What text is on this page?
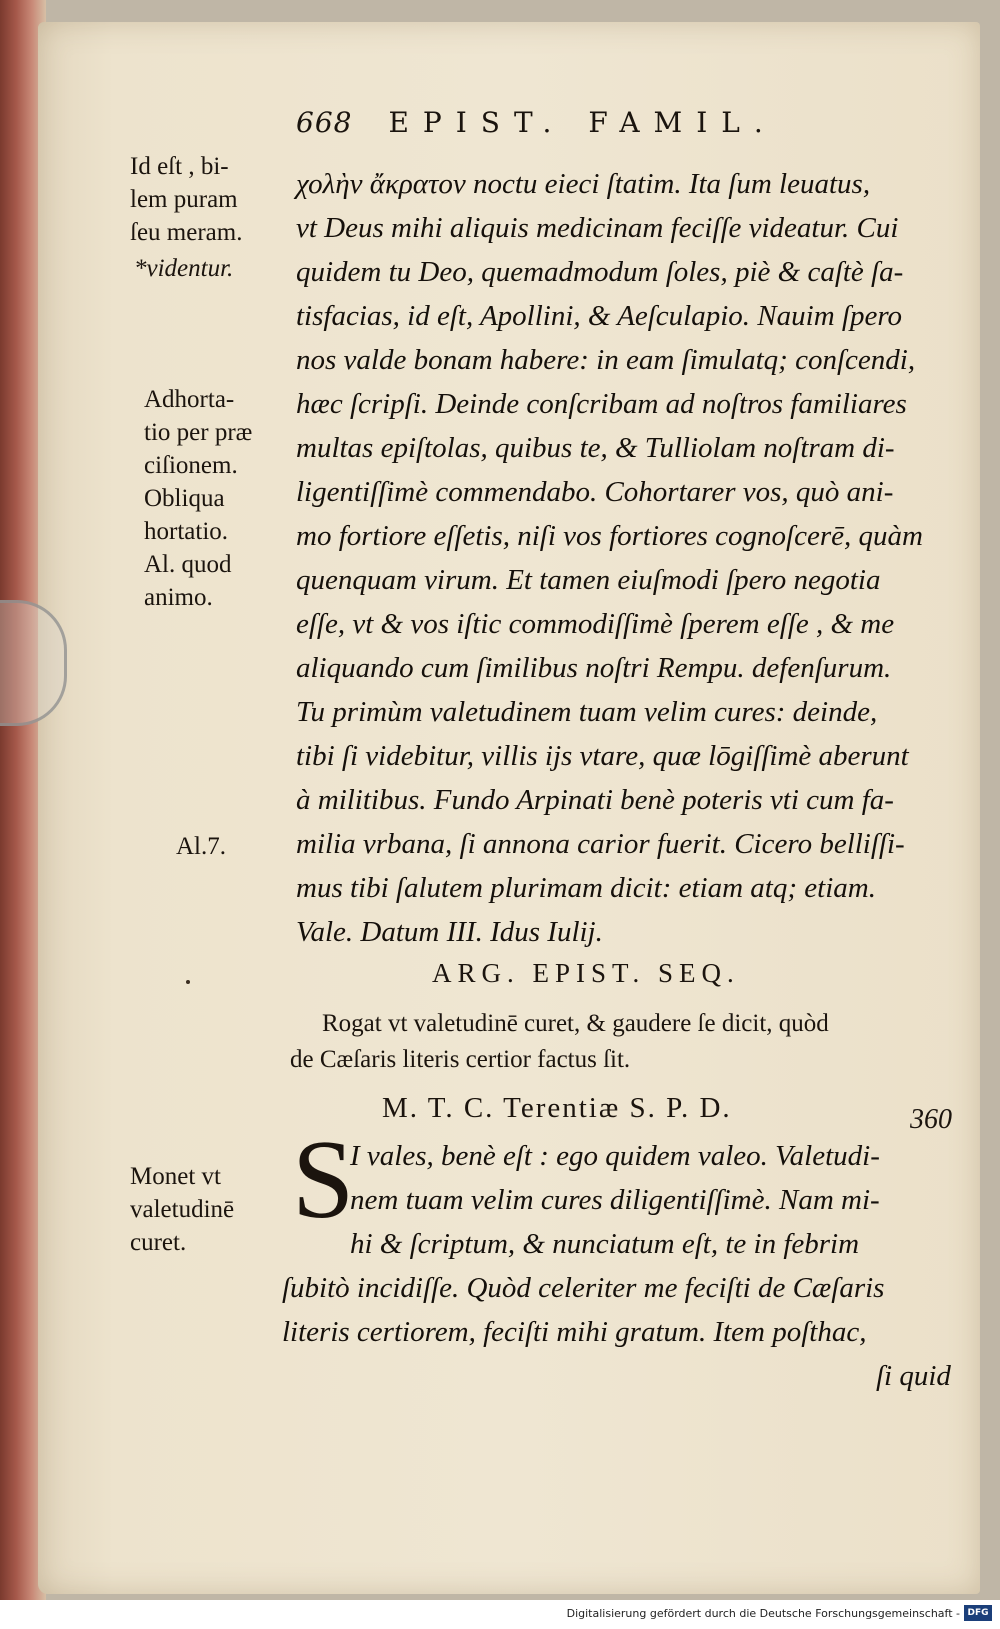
668 EPIST. FAMIL.
Id eſt , bi-
lem puram
ſeu meram.
*videntur.
Adhorta-
tio per præ
ciſionem.
Obliqua
hortatio.
Al. quod
animo.
Al.7.
Monet vt
valetudinē
curet.
χολὴν ἄκρατον noctu eieci ſtatim. Ita ſum leuatus,
vt Deus mihi aliquis medicinam feciſſe videatur. Cui
quidem tu Deo, quemadmodum ſoles, piè & caſtè ſa-
tisfacias, id eſt, Apollini, & Aeſculapio. Nauim ſpero
nos valde bonam habere: in eam ſimulatq; conſcendi,
hæc ſcripſi. Deinde conſcribam ad noſtros familiares
multas epiſtolas, quibus te, & Tulliolam noſtram di-
ligentiſſimè commendabo. Cohortarer vos, quò ani-
mo fortiore eſſetis, niſi vos fortiores cognoſcerē, quàm
quenquam virum. Et tamen eiuſmodi ſpero negotia
eſſe, vt & vos iſtic commodiſſimè ſperem eſſe , & me
aliquando cum ſimilibus noſtri Rempu. defenſurum.
Tu primùm valetudinem tuam velim cures: deinde,
tibi ſi videbitur, villis ijs vtare, quæ lōgiſſimè aberunt
à militibus. Fundo Arpinati benè poteris vti cum fa-
milia vrbana, ſi annona carior fuerit. Cicero belliſſi-
mus tibi ſalutem plurimam dicit: etiam atq; etiam.
Vale. Datum III. Idus Iulij.
ARG. EPIST. SEQ.
Rogat vt valetudinē curet, & gaudere ſe dicit, quòd
de Cæſaris literis certior factus ſit.
M. T. C. Terentiæ S. P. D.	360
S
I vales, benè eſt : ego quidem valeo. Valetudi-
nem tuam velim cures diligentiſſimè. Nam mi-
hi & ſcriptum, & nunciatum eſt, te in febrim
ſubitò incidiſſe. Quòd celeriter me feciſti de Cæſaris
literis certiorem, feciſti mihi gratum. Item poſthac,
ſi quid
Digitalisierung gefördert durch die Deutsche Forschungsgemeinschaft - DFG
